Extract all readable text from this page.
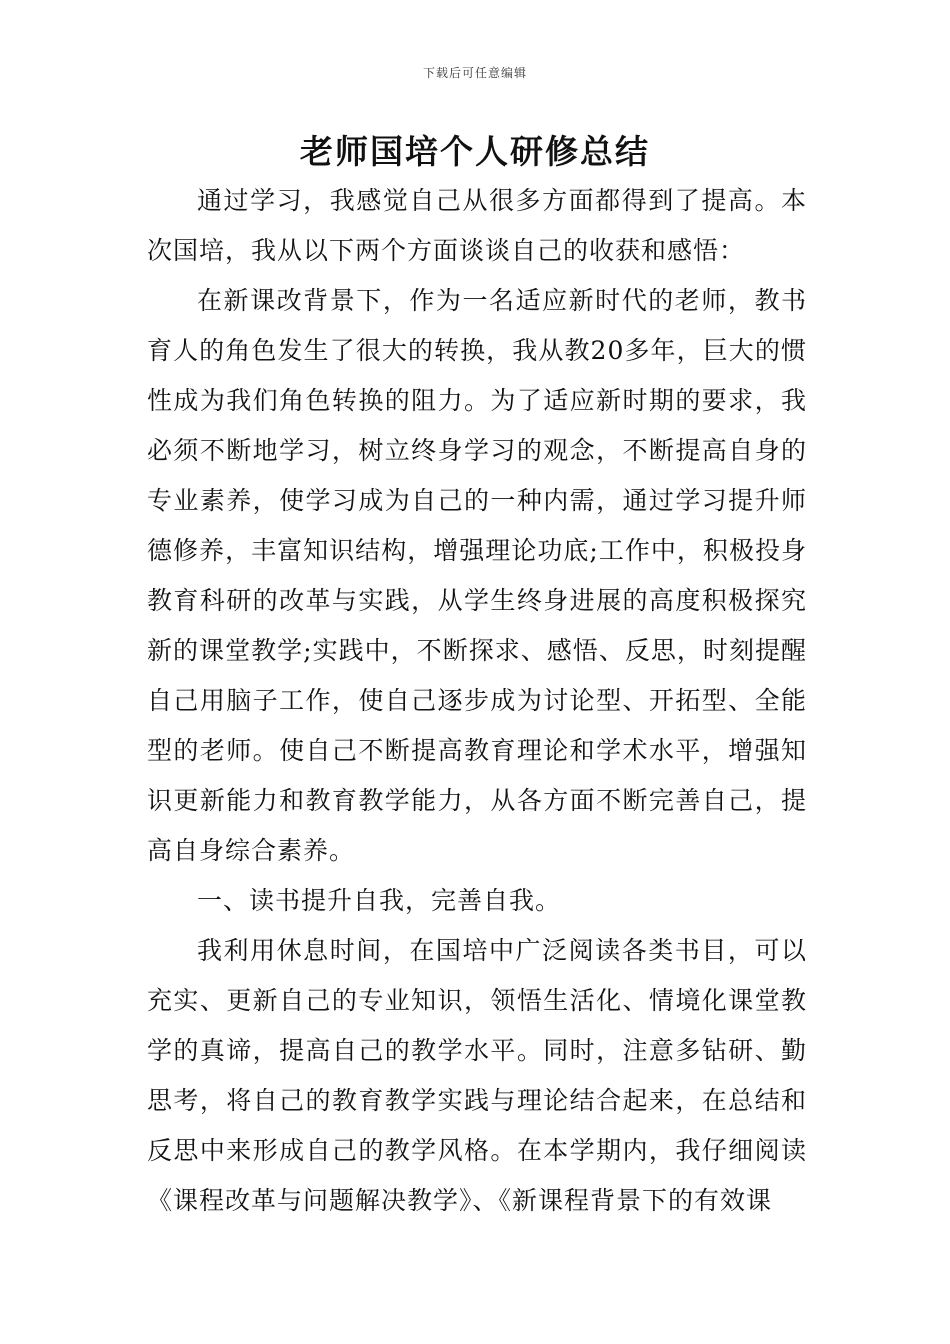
下载后可任意编辑
老师国培个人研修总结

通过学习，我感觉自己从很多方面都得到了提高。本次国培，我从以下两个方面谈谈自己的收获和感悟：

在新课改背景下，作为一名适应新时代的老师，教书育人的角色发生了很大的转换，我从教20多年，巨大的惯性成为我们角色转换的阻力。为了适应新时期的要求，我必须不断地学习，树立终身学习的观念，不断提高自身的专业素养，使学习成为自己的一种内需，通过学习提升师德修养，丰富知识结构，增强理论功底;工作中，积极投身教育科研的改革与实践，从学生终身进展的高度积极探究新的课堂教学;实践中，不断探求、感悟、反思，时刻提醒自己用脑子工作，使自己逐步成为讨论型、开拓型、全能型的老师。使自己不断提高教育理论和学术水平，增强知识更新能力和教育教学能力，从各方面不断完善自己，提高自身综合素养。

一、读书提升自我，完善自我。

我利用休息时间，在国培中广泛阅读各类书目，可以充实、更新自己的专业知识，领悟生活化、情境化课堂教学的真谛，提高自己的教学水平。同时，注意多钻研、勤思考，将自己的教育教学实践与理论结合起来，在总结和反思中来形成自己的教学风格。在本学期内，我仔细阅读《课程改革与问题解决教学》、《新课程背景下的有效课
